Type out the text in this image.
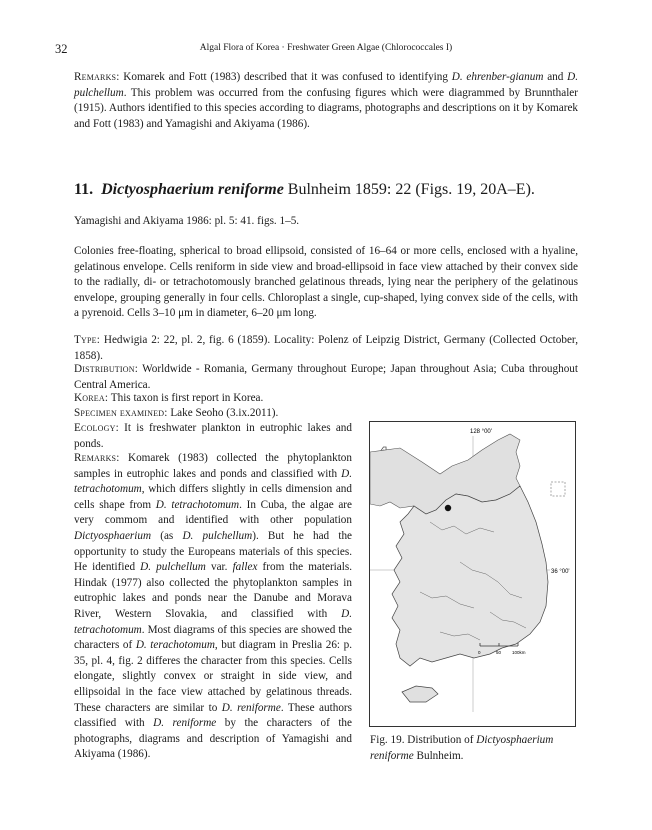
32	Algal Flora of Korea · Freshwater Green Algae (Chlorococcales I)

Remarks: Komarek and Fott (1983) described that it was confused to identifying D. ehrenber-gianum and D. pulchellum. This problem was occurred from the confusing figures which were diagrammed by Brunnthaler (1915). Authors identified to this species according to diagrams, photographs and descriptions on it by Komarek and Fott (1983) and Yamagishi and Akiyama (1986).

11. Dictyosphaerium reniforme Bulnheim 1859: 22 (Figs. 19, 20A–E).

Yamagishi and Akiyama 1986: pl. 5: 41. figs. 1–5.

Colonies free-floating, spherical to broad ellipsoid, consisted of 16–64 or more cells, enclosed with a hyaline, gelatinous envelope. Cells reniform in side view and broad-ellipsoid in face view attached by their convex side to the radially, di- or tetrachotomously branched gelatinous threads, lying near the periphery of the gelatinous envelope, grouping generally in four cells. Chloroplast a single, cup-shaped, lying convex side of the cells, with a pyrenoid. Cells 3–10 μm in diameter, 6–20 μm long.

Type: Hedwigia 2: 22, pl. 2, fig. 6 (1859). Locality: Polenz of Leipzig District, Germany (Collected October, 1858).

Distribution: Worldwide - Romania, Germany throughout Europe; Japan throughout Asia; Cuba throughout Central America.

Korea: This taxon is first report in Korea.

Specimen examined: Lake Seoho (3.ix.2011).

Ecology: It is freshwater plankton in eutrophic lakes and ponds.

Remarks: Komarek (1983) collected the phytoplankton samples in eutrophic lakes and ponds and classified with D. tetrachotomum, which differs slightly in cells dimension and cells shape from D. tetrachotomum. In Cuba, the algae are very commom and identified with other population Dictyosphaerium (as D. pulchellum). But he had the opportunity to study the Europeans materials of this species. He identified D. pulchellum var. fallex from the materials. Hindak (1977) also collected the phytoplankton samples in eutrophic lakes and ponds near the Danube and Morava River, Western Slovakia, and classified with D. tetrachotomum. Most diagrams of this species are showed the characters of D. terachotomum, but diagram in Preslia 26: p. 35, pl. 4, fig. 2 differes the character from this species. Cells elongate, slightly convex or straight in side view, and ellipsoidal in the face view attached by gelatinous threads. These characters are similar to D. reniforme. These authors classified with D. reniforme by the characters of the photographs, diagrams and description of Yamagishi and Akiyama (1986).

128 °00'
36 °00'
0	50 100km
Fig. 19. Distribution of Dictyosphaerium reniforme Bulnheim.
